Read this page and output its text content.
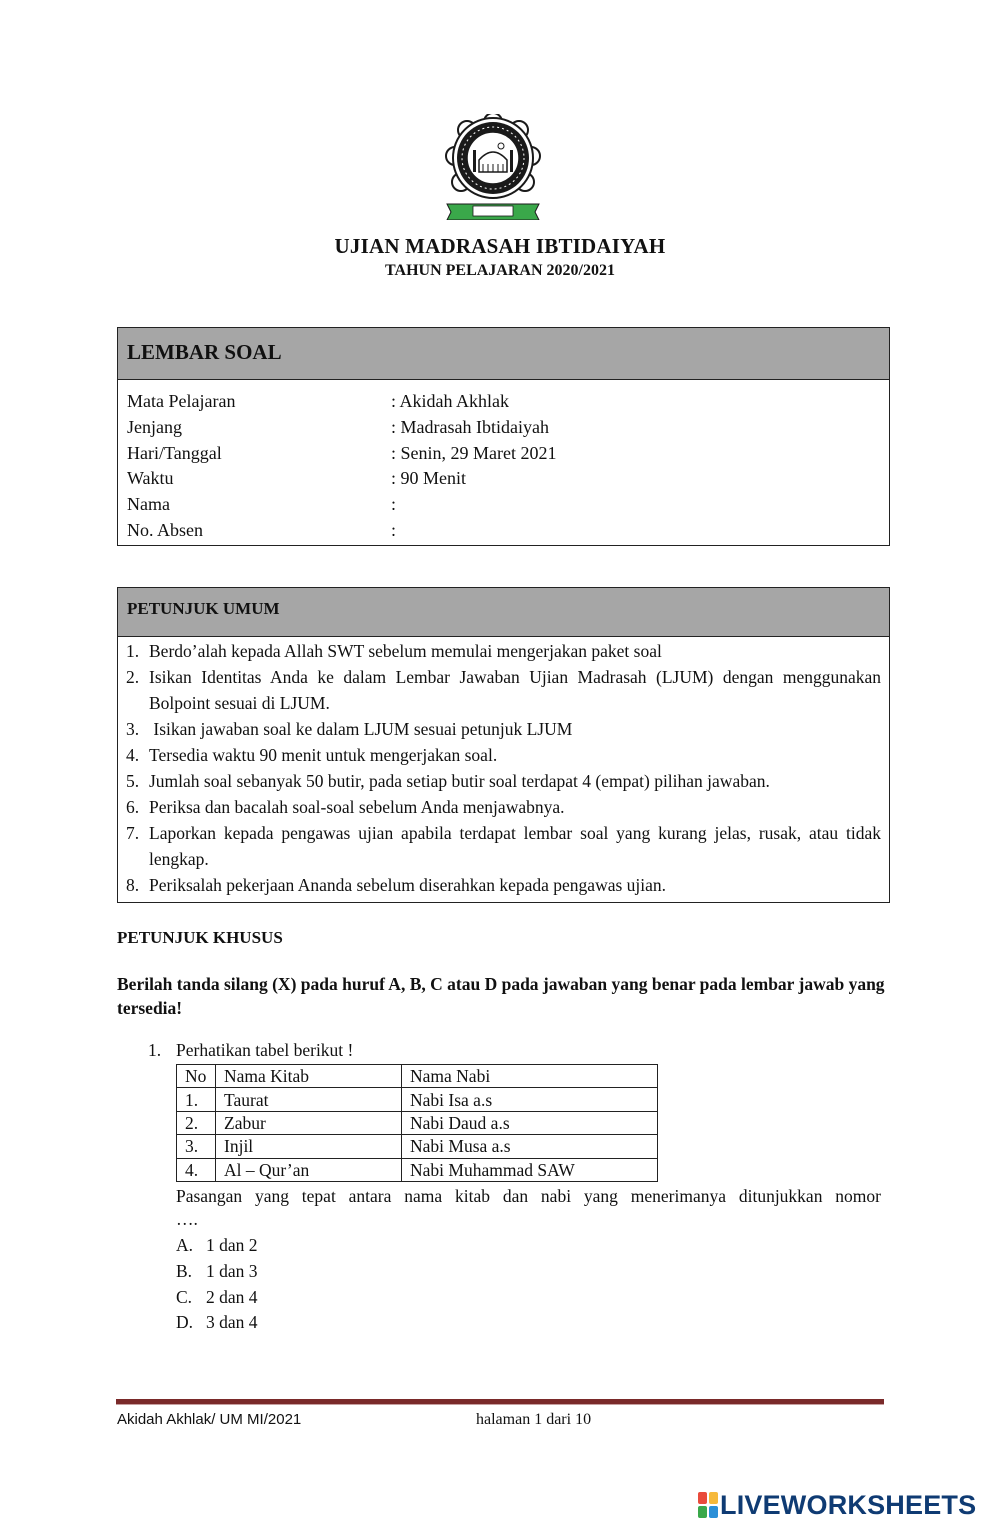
UJIAN MADRASAH IBTIDAIYAH
TAHUN PELAJARAN 2020/2021
LEMBAR SOAL
Mata Pelajaran	: Akidah Akhlak
Jenjang	: Madrasah Ibtidaiyah
Hari/Tanggal	: Senin, 29 Maret 2021
Waktu	: 90 Menit
Nama	:
No. Absen	:
PETUNJUK UMUM
1. Berdo’alah kepada Allah SWT sebelum memulai mengerjakan paket soal
2. Isikan Identitas Anda ke dalam Lembar Jawaban Ujian Madrasah (LJUM) dengan menggunakan Bolpoint sesuai di LJUM.
3. Isikan jawaban soal ke dalam LJUM sesuai petunjuk LJUM
4. Tersedia waktu 90 menit untuk mengerjakan soal.
5. Jumlah soal sebanyak 50 butir, pada setiap butir soal terdapat 4 (empat) pilihan jawaban.
6. Periksa dan bacalah soal-soal sebelum Anda menjawabnya.
7. Laporkan kepada pengawas ujian apabila terdapat lembar soal yang kurang jelas, rusak, atau tidak lengkap.
8. Periksalah pekerjaan Ananda sebelum diserahkan kepada pengawas ujian.
PETUNJUK KHUSUS
Berilah tanda silang (X) pada huruf A, B, C atau D pada jawaban yang benar pada lembar jawab yang tersedia!
1. Perhatikan tabel berikut !
No	Nama Kitab	Nama Nabi
1.	Taurat	Nabi Isa a.s
2.	Zabur	Nabi Daud a.s
3.	Injil	Nabi Musa a.s
4.	Al – Qur’an	Nabi Muhammad SAW
Pasangan yang tepat antara nama kitab dan nabi yang menerimanya ditunjukkan nomor
….
A. 1 dan 2
B. 1 dan 3
C. 2 dan 4
D. 3 dan 4
Akidah Akhlak/ UM MI/2021	halaman 1 dari 10
LIVEWORKSHEETS
